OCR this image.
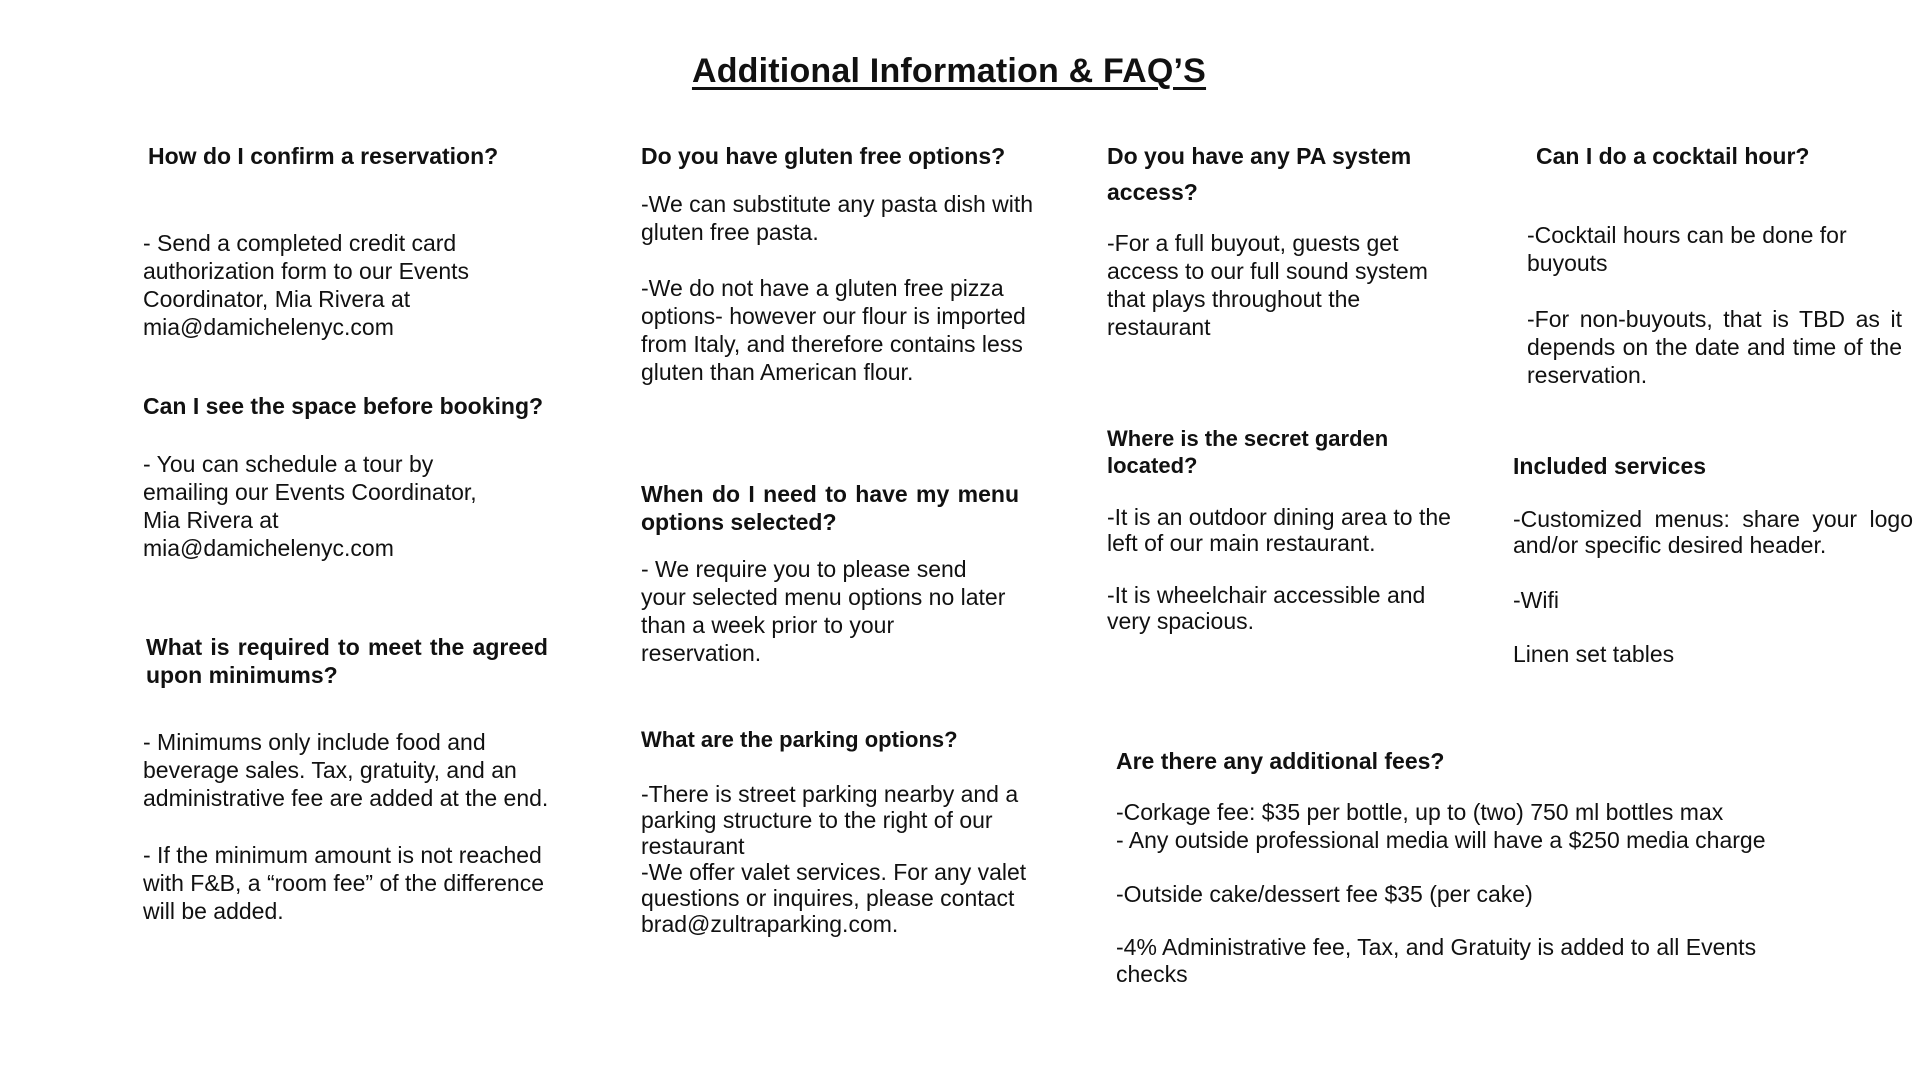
Additional Information & FAQ’S
How do I confirm a reservation?
- Send a completed credit card
authorization form to our Events
Coordinator, Mia Rivera at
mia@damichelenyc.com
Can I see the space before booking?
- You can schedule a tour by
emailing our Events Coordinator,
Mia Rivera at
mia@damichelenyc.com
What is required to meet the agreed upon minimums?
- Minimums only include food and
beverage sales. Tax, gratuity, and an
administrative fee are added at the end.
- If the minimum amount is not reached
with F&B, a “room fee” of the difference
will be added.
Do you have gluten free options?
-We can substitute any pasta dish with
gluten free pasta.
-We do not have a gluten free pizza
options- however our flour is imported
from Italy, and therefore contains less
gluten than American flour.
When do I need to have my menu options selected?
- We require you to please send
your selected menu options no later
than a week prior to your
reservation.
What are the parking options?
-There is street parking nearby and a
parking structure to the right of our
restaurant
-We offer valet services. For any valet
questions or inquires, please contact
brad@zultraparking.com.
Do you have any PA system access?
-For a full buyout, guests get
access to our full sound system
that plays throughout the
restaurant
Where is the secret garden located?
-It is an outdoor dining area to the
left of our main restaurant.
-It is wheelchair accessible and
very spacious.
Can I do a cocktail hour?
-Cocktail hours can be done for
buyouts
-For non-buyouts, that is TBD as it depends on the date and time of the reservation.
Included services
-Customized menus: share your logo and/or specific desired header.
-Wifi
Linen set tables
Are there any additional fees?
-Corkage fee: $35 per bottle, up to (two) 750 ml bottles max
- Any outside professional media will have a $250 media charge
-Outside cake/dessert fee $35 (per cake)
-4% Administrative fee, Tax, and Gratuity is added to all Events
checks
